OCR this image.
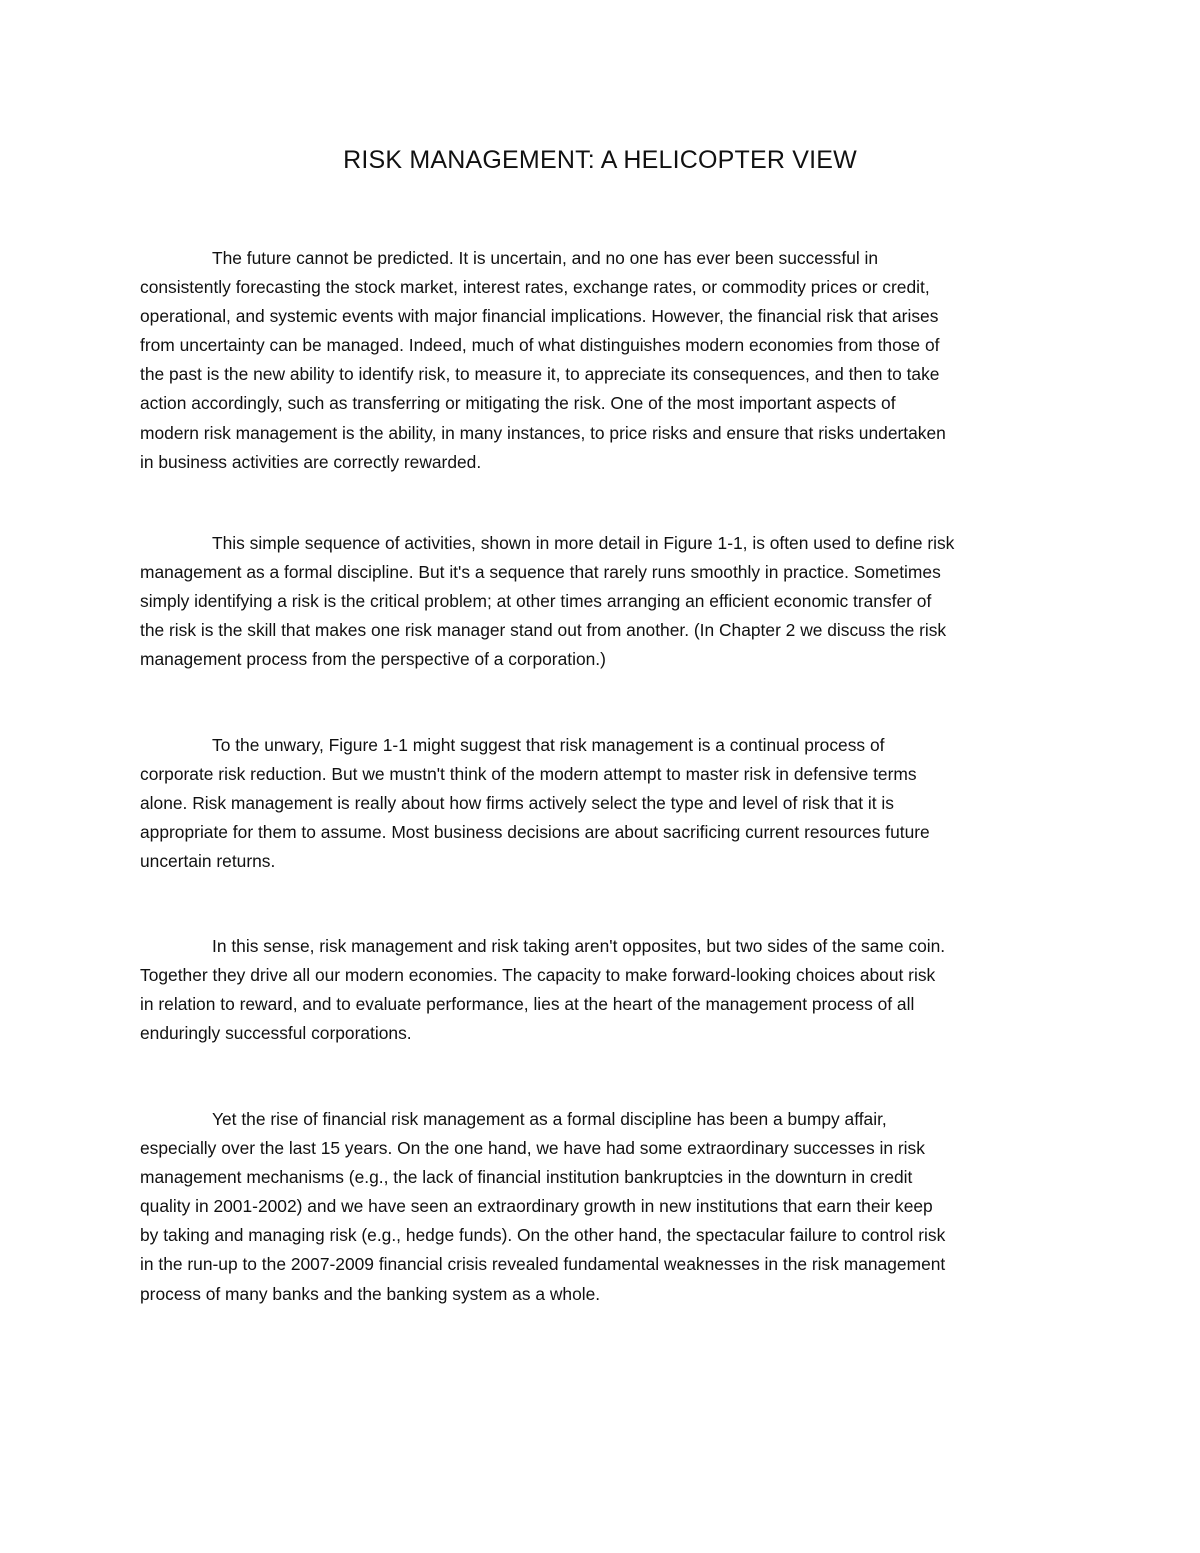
RISK MANAGEMENT: A HELICOPTER VIEW

The future cannot be predicted. It is uncertain, and no one has ever been successful in
consistently forecasting the stock market, interest rates, exchange rates, or commodity prices or credit,
operational, and systemic events with major financial implications. However, the financial risk that arises
from uncertainty can be managed. Indeed, much of what distinguishes modern economies from those of
the past is the new ability to identify risk, to measure it, to appreciate its consequences, and then to take
action accordingly, such as transferring or mitigating the risk. One of the most important aspects of
modern risk management is the ability, in many instances, to price risks and ensure that risks undertaken
in business activities are correctly rewarded.

This simple sequence of activities, shown in more detail in Figure 1-1, is often used to define risk
management as a formal discipline. But it's a sequence that rarely runs smoothly in practice. Sometimes
simply identifying a risk is the critical problem; at other times arranging an efficient economic transfer of
the risk is the skill that makes one risk manager stand out from another. (In Chapter 2 we discuss the risk
management process from the perspective of a corporation.)

To the unwary, Figure 1-1 might suggest that risk management is a continual process of
corporate risk reduction. But we mustn't think of the modern attempt to master risk in defensive terms
alone. Risk management is really about how firms actively select the type and level of risk that it is
appropriate for them to assume. Most business decisions are about sacrificing current resources future
uncertain returns.

In this sense, risk management and risk taking aren't opposites, but two sides of the same coin.
Together they drive all our modern economies. The capacity to make forward-looking choices about risk
in relation to reward, and to evaluate performance, lies at the heart of the management process of all
enduringly successful corporations.

Yet the rise of financial risk management as a formal discipline has been a bumpy affair,
especially over the last 15 years. On the one hand, we have had some extraordinary successes in risk
management mechanisms (e.g., the lack of financial institution bankruptcies in the downturn in credit
quality in 2001-2002) and we have seen an extraordinary growth in new institutions that earn their keep
by taking and managing risk (e.g., hedge funds). On the other hand, the spectacular failure to control risk
in the run-up to the 2007-2009 financial crisis revealed fundamental weaknesses in the risk management
process of many banks and the banking system as a whole.
